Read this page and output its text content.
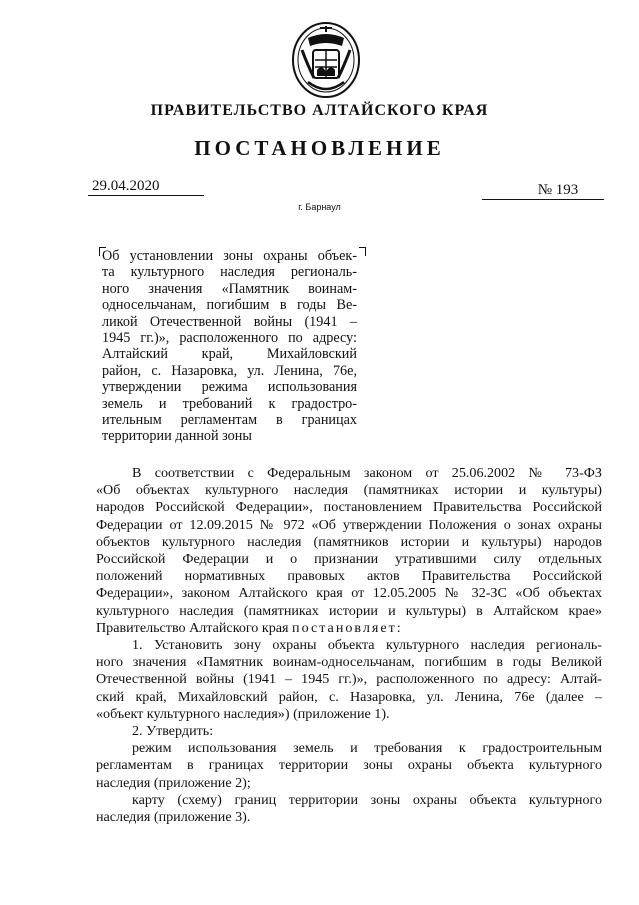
ПРАВИТЕЛЬСТВО АЛТАЙСКОГО КРАЯ
ПОСТАНОВЛЕНИЕ
29.04.2020	№ 193
г. Барнаул
Об установлении зоны охраны объек-
та культурного наследия региональ-
ного значения «Памятник воинам-
односельчанам, погибшим в годы Ве-
ликой Отечественной войны (1941 –
1945 гг.)», расположенного по адресу:
Алтайский край, Михайловский
район, с. Назаровка, ул. Ленина, 76е,
утверждении режима использования
земель и требований к градостро-
ительным регламентам в границах
территории данной зоны
В соответствии с Федеральным законом от 25.06.2002 № 73-ФЗ
«Об объектах культурного наследия (памятниках истории и культуры)
народов Российской Федерации», постановлением Правительства Российской
Федерации от 12.09.2015 № 972 «Об утверждении Положения о зонах охраны
объектов культурного наследия (памятников истории и культуры) народов
Российской Федерации и о признании утратившими силу отдельных
положений нормативных правовых актов Правительства Российской
Федерации», законом Алтайского края от 12.05.2005 № 32-ЗС «Об объектах
культурного наследия (памятниках истории и культуры) в Алтайском крае»
Правительство Алтайского края постановляет:
1. Установить зону охраны объекта культурного наследия региональ-
ного значения «Памятник воинам-односельчанам, погибшим в годы Великой
Отечественной войны (1941 – 1945 гг.)», расположенного по адресу: Алтай-
ский край, Михайловский район, с. Назаровка, ул. Ленина, 76е (далее –
«объект культурного наследия») (приложение 1).
2. Утвердить:
режим использования земель и требования к градостроительным
регламентам в границах территории зоны охраны объекта культурного
наследия (приложение 2);
карту (схему) границ территории зоны охраны объекта культурного
наследия (приложение 3).
